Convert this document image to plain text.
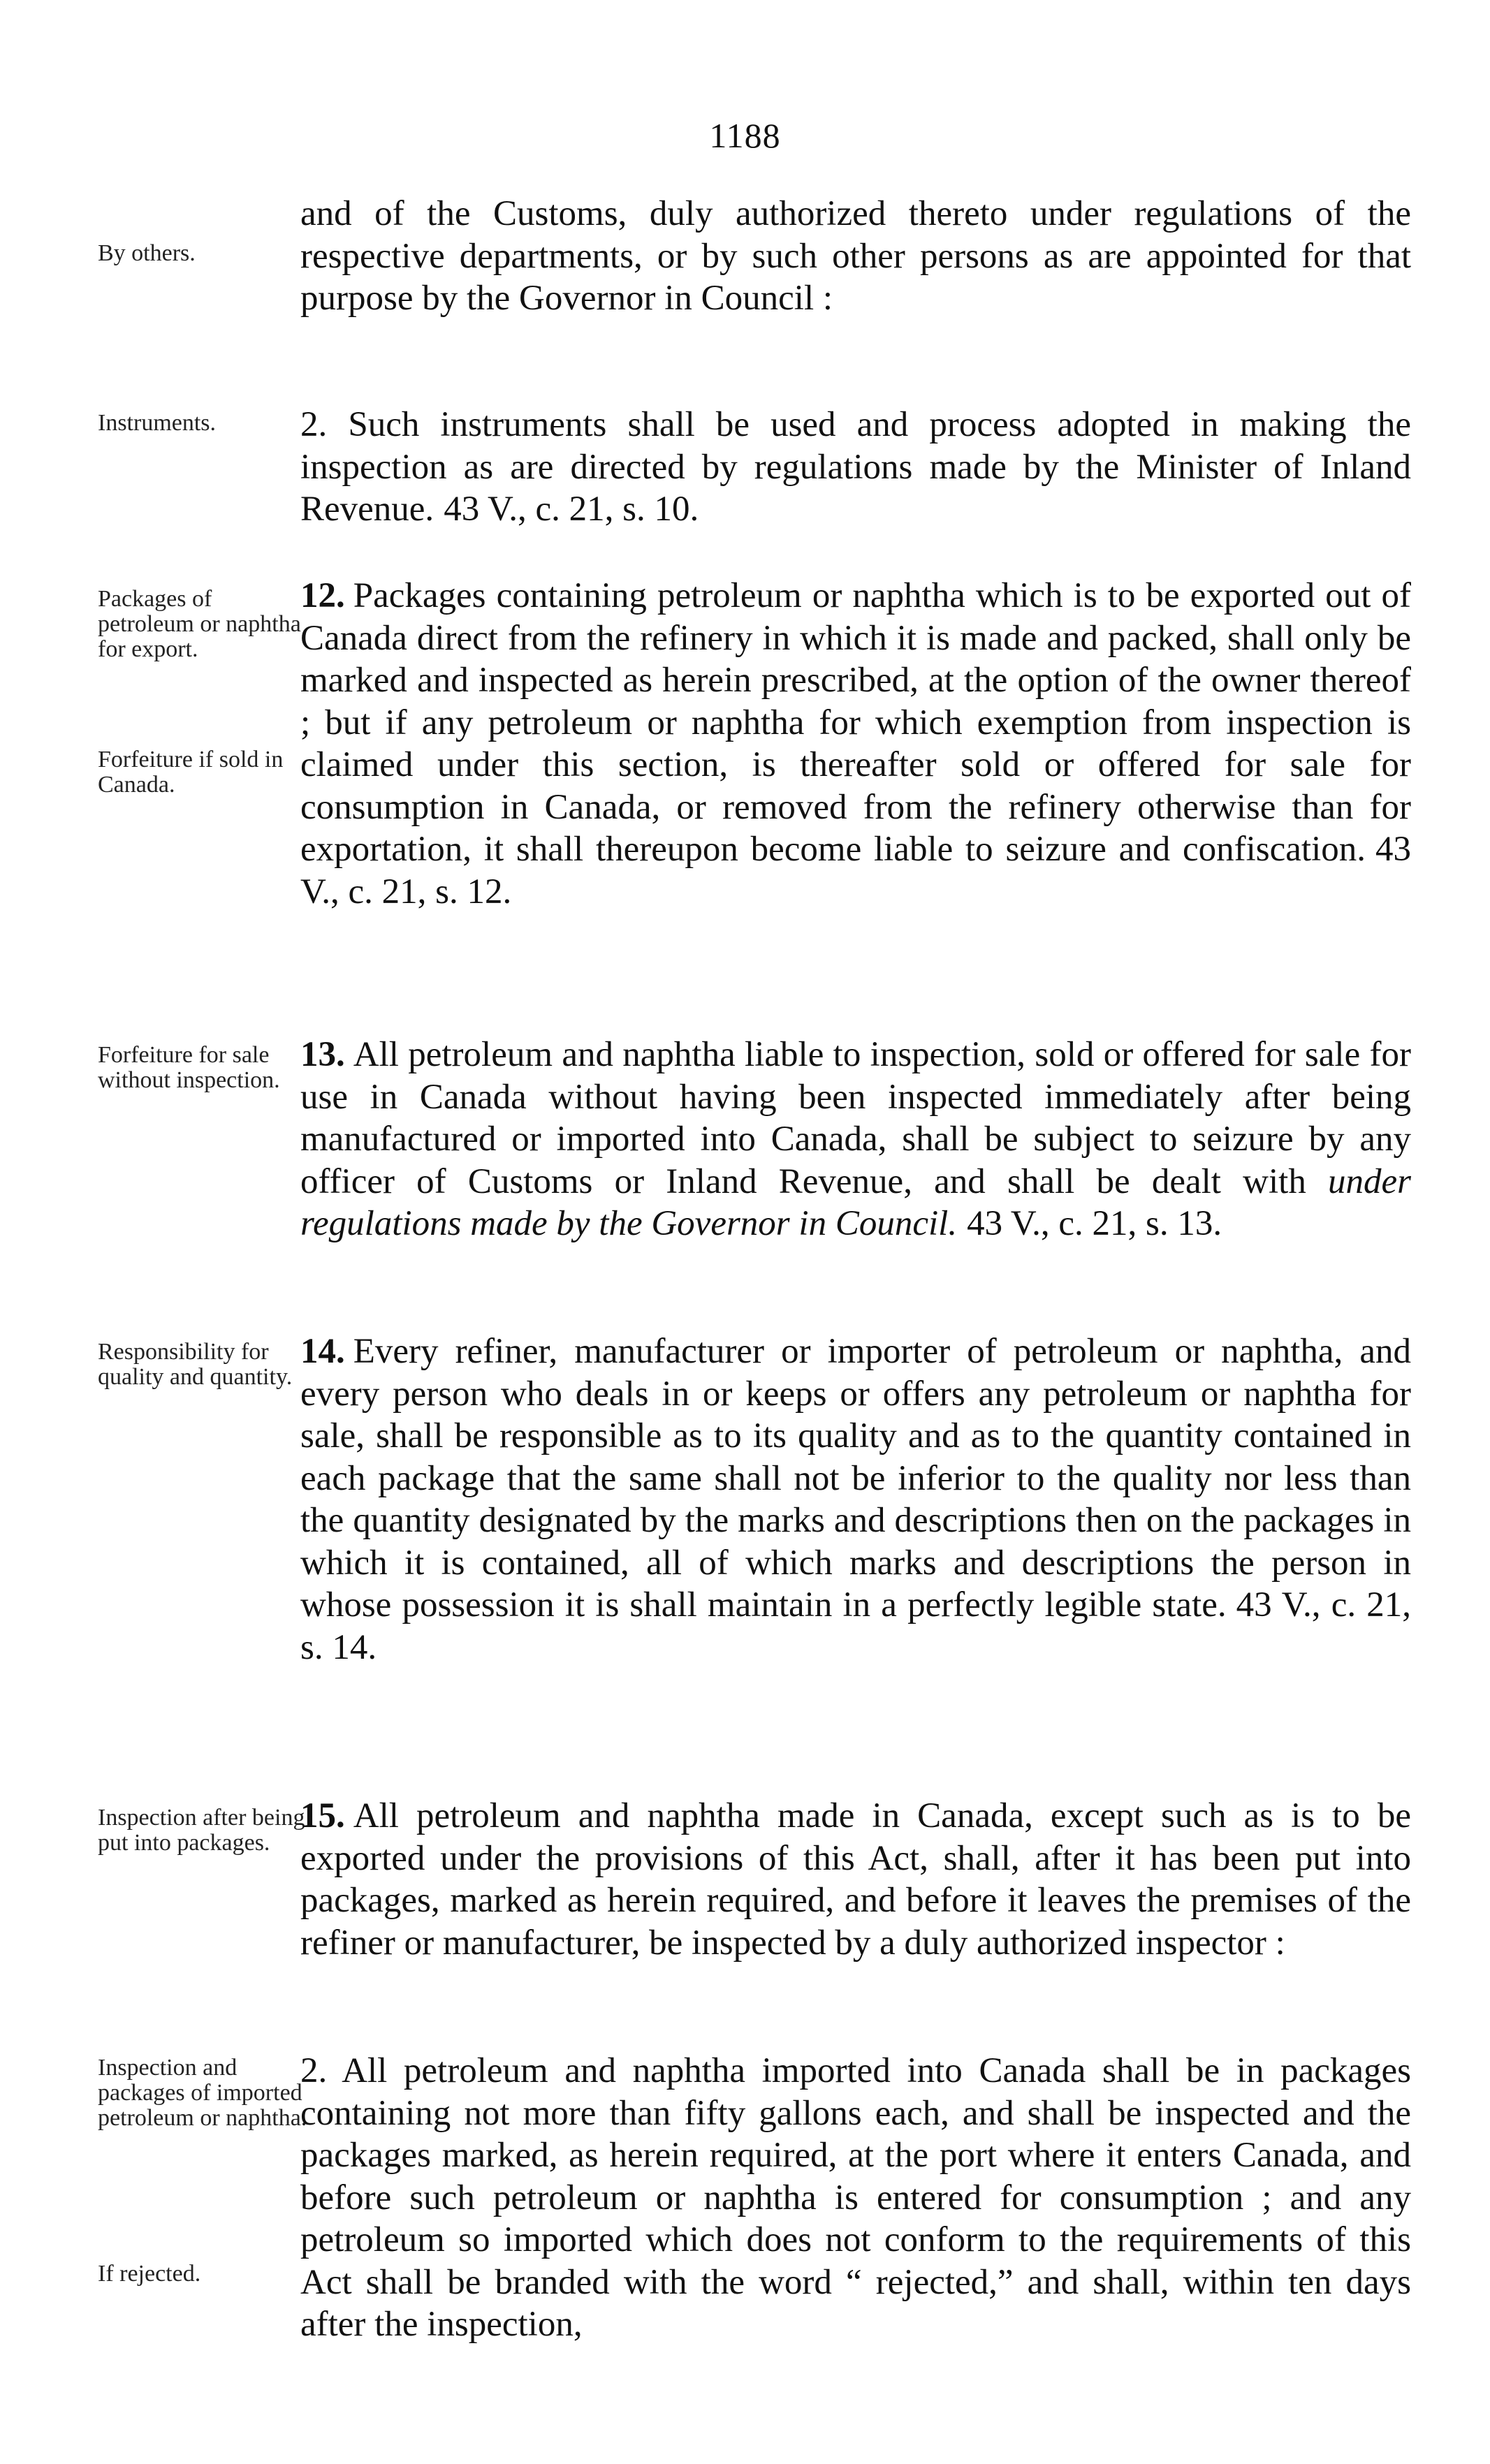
1188
By others.
and of the Customs, duly authorized thereto under regulations of the respective departments, or by such other persons as are appointed for that purpose by the Governor in Council :
Instruments.	2. Such instruments shall be used and process adopted in making the inspection as are directed by regulations made by the Minister of Inland Revenue. 43 V., c. 21, s. 10.
Packages of petroleum or naphtha for export.
Forfeiture if sold in Canada.
12. Packages containing petroleum or naphtha which is to be exported out of Canada direct from the refinery in which it is made and packed, shall only be marked and inspected as herein prescribed, at the option of the owner thereof ; but if any petroleum or naphtha for which exemption from inspection is claimed under this section, is thereafter sold or offered for sale for consumption in Canada, or removed from the refinery otherwise than for exportation, it shall thereupon become liable to seizure and confiscation. 43 V., c. 21, s. 12.
Forfeiture for sale without inspection.
13. All petroleum and naphtha liable to inspection, sold or offered for sale for use in Canada without having been inspected immediately after being manufactured or imported into Canada, shall be subject to seizure by any officer of Customs or Inland Revenue, and shall be dealt with under regulations made by the Governor in Council. 43 V., c. 21, s. 13.
Responsibility for quality and quantity.
14. Every refiner, manufacturer or importer of petroleum or naphtha, and every person who deals in or keeps or offers any petroleum or naphtha for sale, shall be responsible as to its quality and as to the quantity contained in each package that the same shall not be inferior to the quality nor less than the quantity designated by the marks and descriptions then on the packages in which it is contained, all of which marks and descriptions the person in whose possession it is shall maintain in a perfectly legible state. 43 V., c. 21, s. 14.
Inspection after being put into packages.
15. All petroleum and naphtha made in Canada, except such as is to be exported under the provisions of this Act, shall, after it has been put into packages, marked as herein required, and before it leaves the premises of the refiner or manufacturer, be inspected by a duly authorized inspector :
Inspection and packages of imported petroleum or naphtha.
If rejected.
2. All petroleum and naphtha imported into Canada shall be in packages containing not more than fifty gallons each, and shall be inspected and the packages marked, as herein required, at the port where it enters Canada, and before such petroleum or naphtha is entered for consumption ; and any petroleum so imported which does not conform to the requirements of this Act shall be branded with the word “ rejected,” and shall, within ten days after the inspection,
